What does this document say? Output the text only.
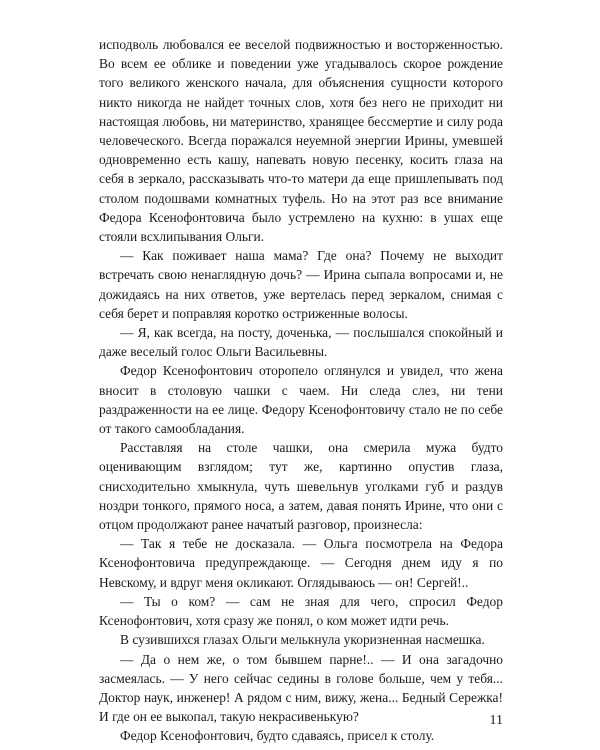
исподволь любовался ее веселой подвижностью и восторженностью. Во всем ее облике и поведении уже угадывалось скорое рождение того великого женского начала, для объяснения сущности которого никто никогда не найдет точных слов, хотя без него не приходит ни настоящая любовь, ни материнство, хранящее бессмертие и силу рода человеческого. Всегда поражался неуемной энергии Ирины, умевшей одновременно есть кашу, напевать новую песенку, косить глаза на себя в зеркало, рассказывать что-то матери да еще пришлепывать под столом подошвами комнатных туфель. Но на этот раз все внимание Федора Ксенофонтовича было устремлено на кухню: в ушах еще стояли всхлипывания Ольги.

— Как поживает наша мама? Где она? Почему не выходит встречать свою ненаглядную дочь? — Ирина сыпала вопросами и, не дожидаясь на них ответов, уже вертелась перед зеркалом, снимая с себя берет и поправляя коротко остриженные волосы.

— Я, как всегда, на посту, доченька, — послышался спокойный и даже веселый голос Ольги Васильевны.

Федор Ксенофонтович оторопело оглянулся и увидел, что жена вносит в столовую чашки с чаем. Ни следа слез, ни тени раздраженности на ее лице. Федору Ксенофонтовичу стало не по себе от такого самообладания.

Расставляя на столе чашки, она смерила мужа будто оценивающим взглядом; тут же, картинно опустив глаза, снисходительно хмыкнула, чуть шевельнув уголками губ и раздув ноздри тонкого, прямого носа, а затем, давая понять Ирине, что они с отцом продолжают ранее начатый разговор, произнесла:

— Так я тебе не досказала. — Ольга посмотрела на Федора Ксенофонтовича предупреждающе. — Сегодня днем иду я по Невскому, и вдруг меня окликают. Оглядываюсь — он! Сергей!..

— Ты о ком? — сам не зная для чего, спросил Федор Ксенофонтович, хотя сразу же понял, о ком может идти речь.

В сузившихся глазах Ольги мелькнула укоризненная насмешка.

— Да о нем же, о том бывшем парне!.. — И она загадочно засмеялась. — У него сейчас седины в голове больше, чем у тебя... Доктор наук, инженер! А рядом с ним, вижу, жена... Бедный Сережка! И где он ее выкопал, такую некрасивенькую?

Федор Ксенофонтович, будто сдаваясь, присел к столу.

11
